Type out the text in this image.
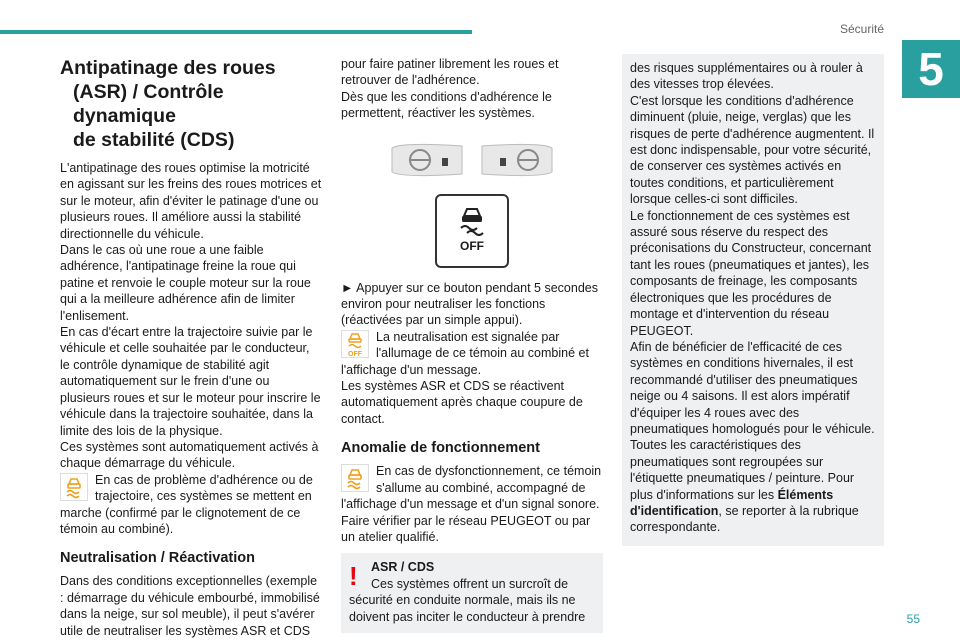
Sécurité
5
55
Antipatinage des roues
(ASR) / Contrôle dynamique
de stabilité (CDS)

L'antipatinage des roues optimise la motricité en agissant sur les freins des roues motrices et sur le moteur, afin d'éviter le patinage d'une ou plusieurs roues. Il améliore aussi la stabilité directionnelle du véhicule.

Dans le cas où une roue a une faible adhérence, l'antipatinage freine la roue qui patine et renvoie le couple moteur sur la roue qui a la meilleure adhérence afin de limiter l'enlisement.

En cas d'écart entre la trajectoire suivie par le véhicule et celle souhaitée par le conducteur, le contrôle dynamique de stabilité agit automatiquement sur le frein d'une ou plusieurs roues et sur le moteur pour inscrire le véhicule dans la trajectoire souhaitée, dans la limite des lois de la physique.

Ces systèmes sont automatiquement activés à chaque démarrage du véhicule.

En cas de problème d'adhérence ou de trajectoire, ces systèmes se mettent en marche (confirmé par le clignotement de ce témoin au combiné).

Neutralisation / Réactivation

Dans des conditions exceptionnelles (exemple : démarrage du véhicule embourbé, immobilisé dans la neige, sur sol meuble), il peut s'avérer utile de neutraliser les systèmes ASR et CDS

pour faire patiner librement les roues et retrouver de l'adhérence.

Dès que les conditions d'adhérence le permettent, réactiver les systèmes.

OFF

► Appuyer sur ce bouton pendant 5 secondes environ pour neutraliser les fonctions (réactivées par un simple appui).

OFF

La neutralisation est signalée par l'allumage de ce témoin au combiné et l'affichage d'un message.

Les systèmes ASR et CDS se réactivent automatiquement après chaque coupure de contact.

Anomalie de fonctionnement

En cas de dysfonctionnement, ce témoin s'allume au combiné, accompagné de l'affichage d'un message et d'un signal sonore.

Faire vérifier par le réseau PEUGEOT ou par un atelier qualifié.

!	ASR / CDS

Ces systèmes offrent un surcroît de sécurité en conduite normale, mais ils ne doivent pas inciter le conducteur à prendre

des risques supplémentaires ou à rouler à des vitesses trop élevées.

C'est lorsque les conditions d'adhérence diminuent (pluie, neige, verglas) que les risques de perte d'adhérence augmentent. Il est donc indispensable, pour votre sécurité, de conserver ces systèmes activés en toutes conditions, et particulièrement lorsque celles-ci sont difficiles.

Le fonctionnement de ces systèmes est assuré sous réserve du respect des préconisations du Constructeur, concernant tant les roues (pneumatiques et jantes), les composants de freinage, les composants électroniques que les procédures de montage et d'intervention du réseau PEUGEOT.

Afin de bénéficier de l'efficacité de ces systèmes en conditions hivernales, il est recommandé d'utiliser des pneumatiques neige ou 4 saisons. Il est alors impératif d'équiper les 4 roues avec des pneumatiques homologués pour le véhicule.

Toutes les caractéristiques des pneumatiques sont regroupées sur l'étiquette pneumatiques / peinture. Pour plus d'informations sur les Éléments d'identification, se reporter à la rubrique correspondante.
